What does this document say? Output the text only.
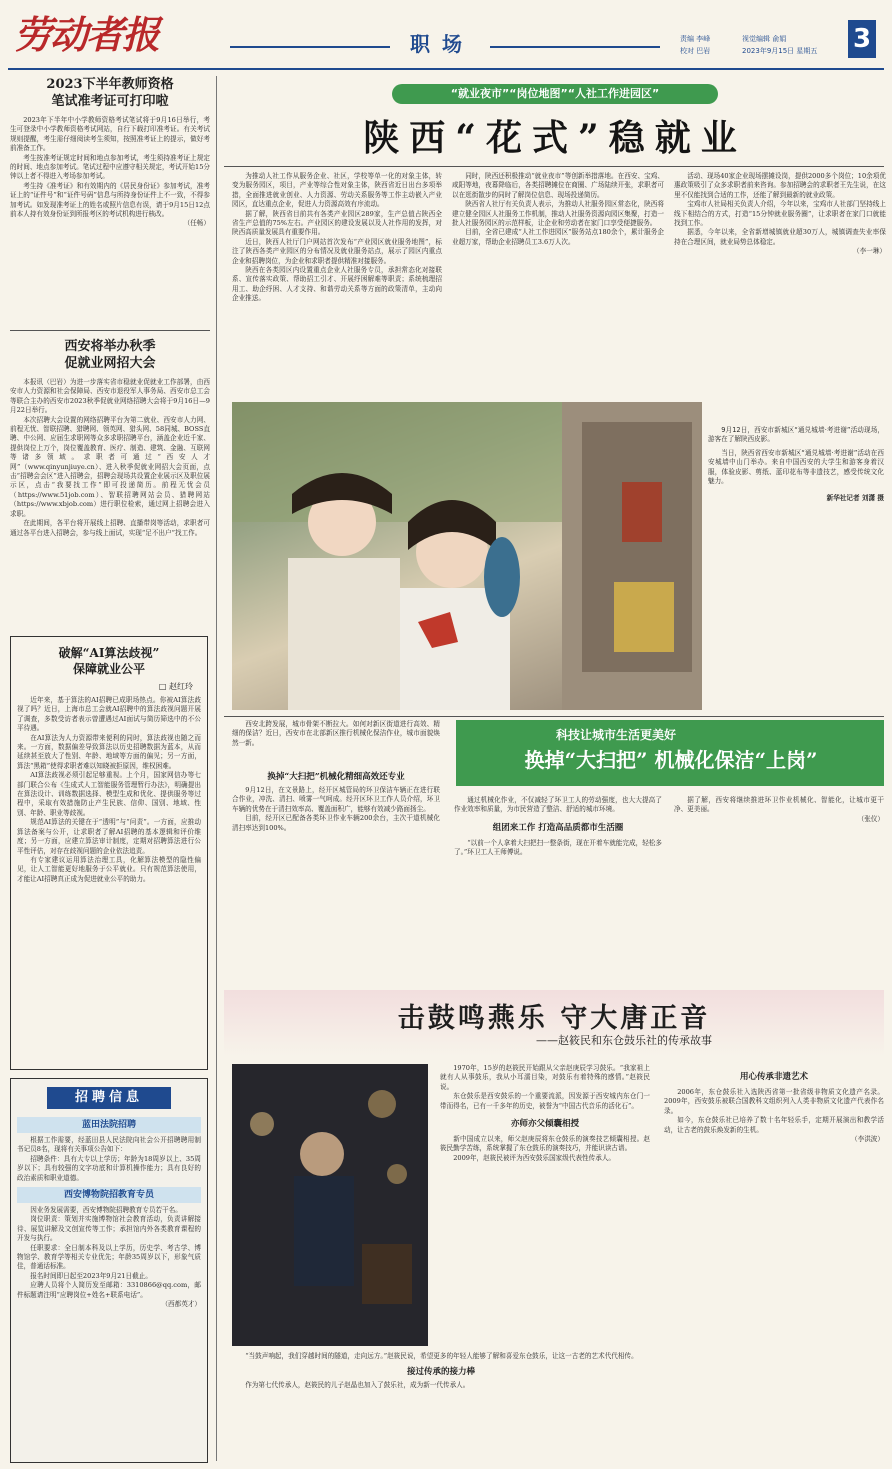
劳动者报	职场	责编 李峰
校对 巴岩
视觉编辑 俞娟
2023年9月15日 星期五 3
2023下半年教师资格
笔试准考证可打印啦
2023年下半年中小学教师资格考试笔试将于9月16日举行，考生可登录中小学教师资格考试网站，自行下载打印准考证。有关考试规则提醒，考生需仔细阅读考生须知，按照准考证上的提示，做好考前准备工作。
考生按准考证规定时间和地点参加考试，考生须持准考证上规定的时间、地点参加考试。笔试过程中应遵守相关规定，考试开始15分钟以上者不得进入考场参加考试。
考生持《准考证》和有效期内的《居民身份证》参加考试，准考证上的“证件号”和“证件号码”信息与所持身份证件上不一致，不得参加考试。如发现准考证上的姓名或照片信息有误，请于9月15日12点前本人持有效身份证到所报考区的考试机构进行核改。
（任畅）
西安将举办秋季
促就业网招大会
本报讯（巴岩）为进一步落实省市稳就业促就业工作部署，由西安市人力资源和社会保障局、西安市退役军人事务局、西安市总工会等联合主办的西安市2023秋季促就业网络招聘大会将于9月16日—9月22日举行。
本次招聘大会设置的网络招聘平台为第二就业、西安市人力网、前程无忧、智联招聘、猎聘网、领英网、猎头网、58同城、BOSS直聘、中公网、应届生求职网等众多求职招聘平台，涵盖企业近千家、提供岗位上万个，岗位覆盖教育、医疗、制造、建筑、金融、互联网等诸多领域。求职者可通过“西安人才网”（www.qinyunjiuye.cn）、进入秋季促就业网招大会页面，点击“招聘会会区”进入招聘会，招聘会现场共设置企业展示区及职位展示区，点击“我要找工作”即可投递简历。前程无忧会员（https://www.51job.com）、智联招聘网站会员、猎聘网站（https://www.xbjob.com）进行职位检索，通过网上招聘会进入求职。
在此期间，各平台将开展线上招聘、直播带岗等活动，求职者可通过各平台进入招聘会，参与线上面试，实现“足不出户”找工作。
破解“AI算法歧视”
保障就业公平
□ 赵红玲
近年来，基于算法的AI招聘已成职场热点。你被AI算法歧视了吗？近日，上海市总工会就AI招聘中的算法歧视问题开展了调查，多数受访者表示曾遭遇过AI面试与简历筛选中的不公平待遇。
在AI算法为人力资源带来便利的同时，算法歧视也随之而来。一方面，数据偏差导致算法以历史招聘数据为蓝本，从而延续甚至放大了性别、年龄、地域等方面的偏见；另一方面，算法“黑箱”使得求职者难以知晓被拒原因，维权困难。
AI算法歧视必须引起足够重视。上个月，国家网信办等七部门联合公布《生成式人工智能服务管理暂行办法》，明确提出在算法设计、训练数据选择、模型生成和优化、提供服务等过程中，采取有效措施防止产生民族、信仰、国别、地域、性别、年龄、职业等歧视。
规范AI算法的关键在于“透明”与“问责”。一方面，应推动算法备案与公开，让求职者了解AI招聘的基本逻辑和评价维度；另一方面，应建立算法审计制度，定期对招聘算法进行公平性评估，对存在歧视问题的企业依法追责。
有专家建议运用算法治理工具，化解算法模型的隐性偏见，让人工智能更好地服务于公平就业。只有规范算法使用，才能让AI招聘真正成为促进就业公平的助力。
招聘信息
蓝田法院招聘
根据工作需要，经蓝田县人民法院向社会公开招聘聘用制书记员8名，现将有关事项公告如下：
招聘条件：具有大专以上学历；年龄为18周岁以上、35周岁以下；具有较强的文字功底和计算机操作能力；具有良好的政治素质和职业道德。
西安博物院招教育专员
因业务发展需要，西安博物院招聘教育专员若干名。
岗位职责：策划并实施博物馆社会教育活动，负责讲解接待、展览讲解及文创宣传等工作；承担馆内外各类教育课程的开发与执行。
任职要求：全日制本科及以上学历，历史学、考古学、博物馆学、教育学等相关专业优先；年龄35周岁以下，形象气质佳，普通话标准。
报名时间即日起至2023年9月21日截止。
应聘人员将个人简历发至邮箱：3310866@qq.com，邮件标题请注明“应聘岗位+姓名+联系电话”。
（西都英才）
“就业夜市”“岗位地图”“人社工作进园区”
陕西“花式”稳就业
为推动人社工作从服务企业、社区，学校等单一化的对象主体，转变为服务园区，项目，产业等综合性对象主体，陕西省近日出台多项举措，全面推进就业创业、人力资源、劳动关系服务等工作主动嵌入产业园区，直达重点企业，促进人力资源高效有序流动。
据了解，陕西省目前共有各类产业园区289家，生产总值占陕西全省生产总值的75%左右。产业园区的建设发展以及人社作用的发挥，对陕西高质量发展具有重要作用。
近日，陕西人社厅门户网站首次发布“产业园区就业服务地图”，标注了陕西各类产业园区的分布情况及就业服务站点，展示了园区内重点企业和招聘岗位，为企业和求职者提供精准对接服务。
陕西在各类园区内设置重点企业人社服务专员，承担常态化对接联系、宣传落实政策、帮助招工引才、开展纾困解难等职责；系统梳理招用工、助企纾困、人才支持、和谐劳动关系等方面的政策清单，主动向企业推送。
同时，陕西还积极推动“就业夜市”等创新举措落地。在西安、宝鸡、咸阳等地，夜幕降临后，各类招聘摊位在商圈、广场陆续开张，求职者可以在逛街散步的同时了解岗位信息、现场投递简历。
陕西省人社厅有关负责人表示，为推动人社服务园区常态化，陕西将建立健全园区人社服务工作机制，推动人社服务资源向园区集聚，打造一批人社服务园区的示范样板，让企业和劳动者在家门口享受便捷服务。
目前，全省已建成“人社工作进园区”服务站点180余个，累计服务企业超万家，帮助企业招聘员工3.6万人次。
活动、现场40家企业现场摆摊设岗，提供2000多个岗位；10余项优惠政策吸引了众多求职者前来咨询。参加招聘会的求职者王先生说，在这里不仅能找到合适的工作，还能了解到最新的就业政策。
宝鸡市人社局相关负责人介绍，今年以来，宝鸡市人社部门坚持线上线下相结合的方式，打造“15分钟就业服务圈”，让求职者在家门口就能找到工作。
据悉，今年以来，全省新增城镇就业超30万人，城镇调查失业率保持在合理区间，就业局势总体稳定。
（李一琳）
9月12日，西安市新城区“通兑城墙·考进谢”活动现场，游客在了解陕西皮影。
当日，陕西省西安市新城区“通兑城墙·考进谢”活动在西安城墙中山门举办。来自中国西安的大学生和游客身着汉服，体验皮影、剪纸、蓝印花布等非遗技艺，感受传统文化魅力。
新华社记者 刘潇 摄
西安北跨发展，城市骨架不断拉大。如何对新区街道进行高效、精细的保洁？近日，西安市在北部新区推行机械化保洁作业，城市面貌焕然一新。
科技让城市生活更美好
换掉“大扫把” 机械化保洁“上岗”
换掉“大扫把”机械化精细高效还专业
9月12日，在文景路上，经开区城管局的环卫保洁车辆正在进行联合作业，冲洗、清扫、喷雾一气呵成。经开区环卫工作人员介绍，环卫车辆的优势在于清扫效率高、覆盖面积广，能够有效减少路面扬尘。
目前，经开区已配备各类环卫作业车辆200余台，主次干道机械化清扫率达到100%。
通过机械化作业，不仅减轻了环卫工人的劳动强度，也大大提高了作业效率和质量，为市民营造了整洁、舒适的城市环境。
组团来工作 打造高品质都市生活圈
“以前一个人拿着大扫把扫一整条街，现在开着车就能完成，轻松多了。”环卫工人王师傅说。
据了解，西安将继续推进环卫作业机械化、智能化，让城市更干净、更美丽。
（张仪）
击鼓鸣燕乐 守大唐正音
——赵筱民和东仓鼓乐社的传承故事
1970年，15岁的赵筱民开始跟从父亲赵庚辰学习鼓乐。“我家祖上就有人从事鼓乐，我从小耳濡目染，对鼓乐有着特殊的感情。”赵筱民说。
东仓鼓乐是西安鼓乐的一个重要流派，因发源于西安城内东仓门一带而得名，已有一千多年的历史，被誉为“中国古代音乐的活化石”。
亦师亦父倾囊相授
新中国成立以来，师父赵庚辰将东仓鼓乐的演奏技艺倾囊相授。赵筱民勤学苦练，系统掌握了东仓鼓乐的演奏技巧，并能识读古谱。
2009年，赵筱民被评为西安鼓乐国家级代表性传承人。
用心传承非遗艺术
2006年，东仓鼓乐社入选陕西省第一批省级非物质文化遗产名录。2009年，西安鼓乐被联合国教科文组织列入人类非物质文化遗产代表作名录。
如今，东仓鼓乐社已培养了数十名年轻乐手，定期开展演出和教学活动，让古老的鼓乐焕发新的生机。
（李洪波）
“当鼓声响起，我们穿越时间的隧道，走向远方。”赵筱民说，希望更多的年轻人能够了解和喜爱东仓鼓乐，让这一古老的艺术代代相传。
接过传承的接力棒
作为第七代传承人，赵筱民的儿子赵晶也加入了鼓乐社，成为新一代传承人。
